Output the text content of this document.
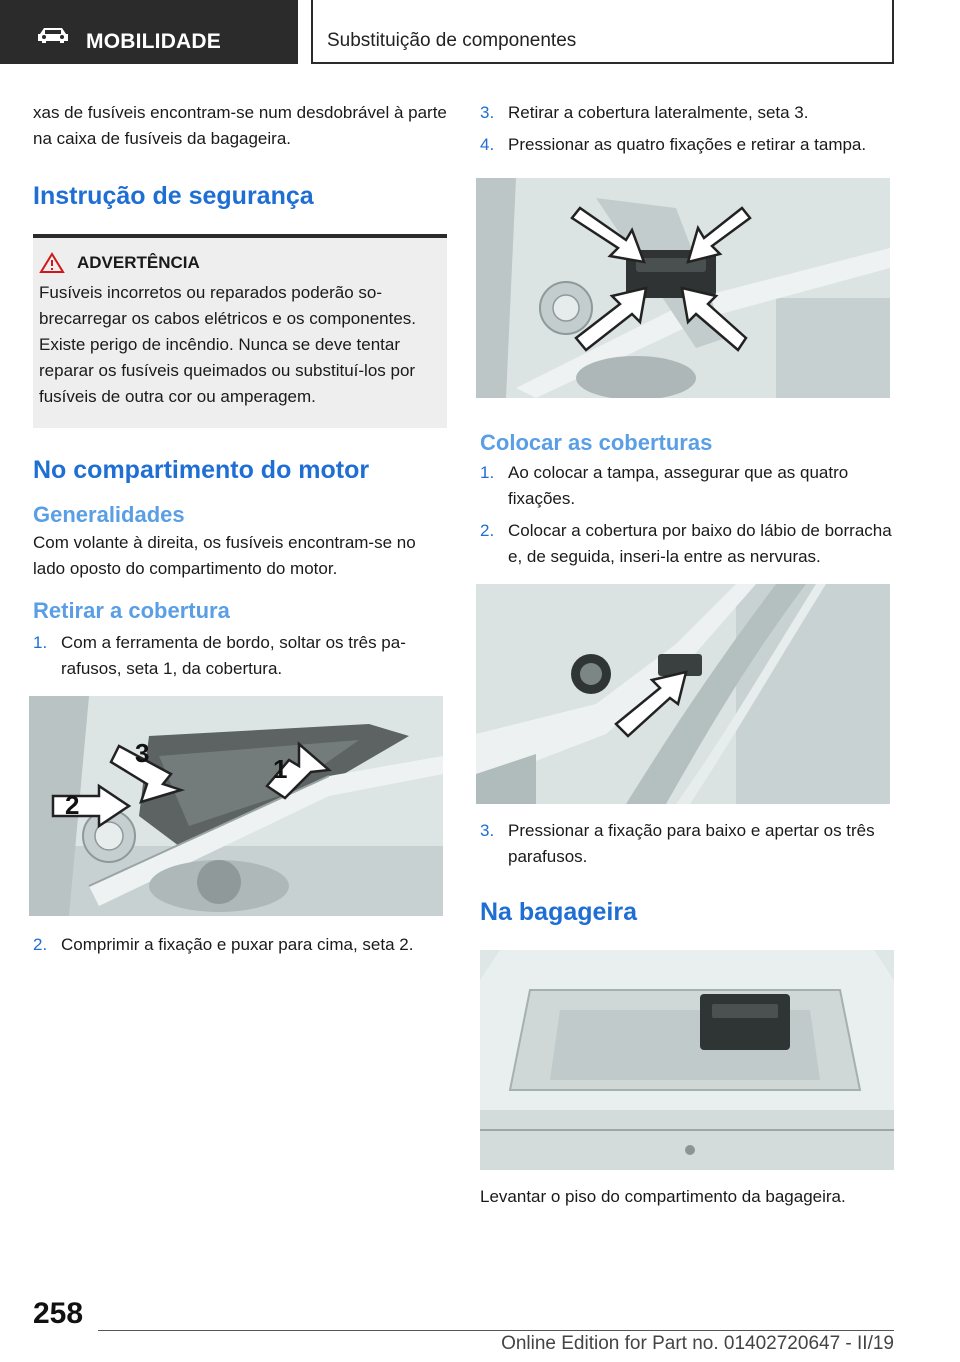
MOBILIDADE	Substituição de componentes

xas de fusíveis encontram-se num desdobrável à parte na caixa de fusíveis da bagageira.

Instrução de segurança
ADVERTÊNCIA
Fusíveis incorretos ou reparados poderão sobrecarregar os cabos elétricos e os componentes. Existe perigo de incêndio. Nunca se deve tentar reparar os fusíveis queimados ou substituí-los por fusíveis de outra cor ou amperagem.
No compartimento do motor
Generalidades

Com volante à direita, os fusíveis encontram-se no lado oposto do compartimento do motor.

Retirar a cobertura
1. Com a ferramenta de bordo, soltar os três parafusos, seta 1, da cobertura.
3
1
2
2. Comprimir a fixação e puxar para cima, seta 2.
3. Retirar a cobertura lateralmente, seta 3.
4. Pressionar as quatro fixações e retirar a tampa.
Colocar as coberturas
1. Ao colocar a tampa, assegurar que as quatro fixações.
2. Colocar a cobertura por baixo do lábio de borracha e, de seguida, inseri-la entre as nervuras.
3. Pressionar a fixação para baixo e apertar os três parafusos.
Na bagageira

Levantar o piso do compartimento da bagageira.

258
Online Edition for Part no. 01402720647 - II/19
